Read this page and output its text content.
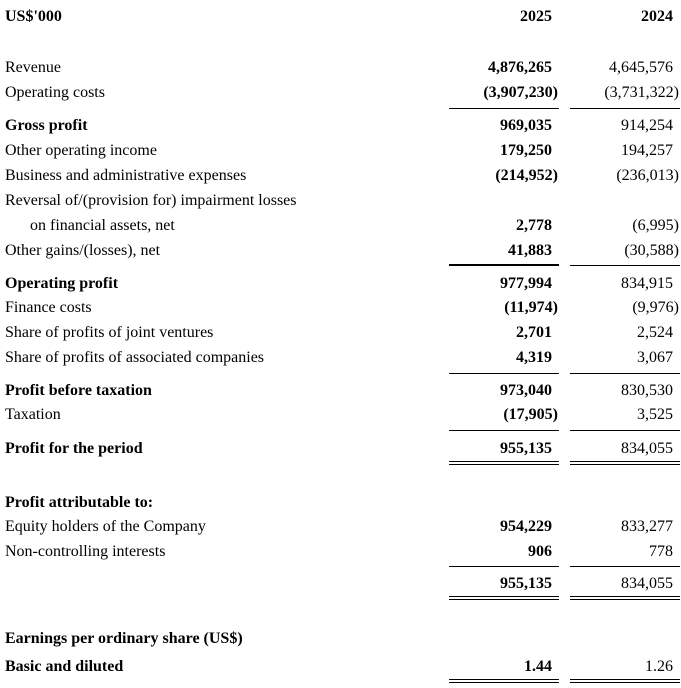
US$'000	2025	2024
Revenue	4,876,265	4,645,576
Operating costs	(3,907,230)	(3,731,322)
Gross profit	969,035	914,254
Other operating income	179,250	194,257
Business and administrative expenses	(214,952)	(236,013)
Reversal of/(provision for) impairment losses
on financial assets, net	2,778	(6,995)
Other gains/(losses), net	41,883	(30,588)
Operating profit	977,994	834,915
Finance costs	(11,974)	(9,976)
Share of profits of joint ventures	2,701	2,524
Share of profits of associated companies	4,319	3,067
Profit before taxation	973,040	830,530
Taxation	(17,905)	3,525
Profit for the period	955,135	834,055
Profit attributable to:
Equity holders of the Company	954,229	833,277
Non-controlling interests	906	778
955,135	834,055
Earnings per ordinary share (US$)
Basic and diluted	1.44	1.26
